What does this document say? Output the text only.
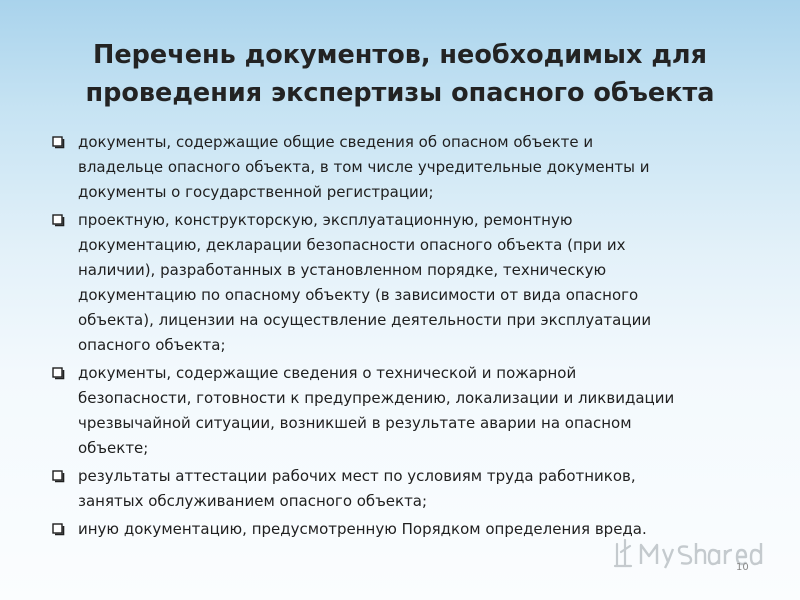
Перечень документов, необходимых для
проведения экспертизы опасного объекта
документы, содержащие общие сведения об опасном объекте и
владельце опасного объекта, в том числе учредительные документы и
документы о государственной регистрации;
проектную, конструкторскую, эксплуатационную, ремонтную
документацию, декларации безопасности опасного объекта (при их
наличии), разработанных в установленном порядке, техническую
документацию по опасному объекту (в зависимости от вида опасного
объекта), лицензии на осуществление деятельности при эксплуатации
опасного объекта;
документы, содержащие сведения о технической и пожарной
безопасности, готовности к предупреждению, локализации и ликвидации
чрезвычайной ситуации, возникшей в результате аварии на опасном
объекте;
результаты аттестации рабочих мест по условиям труда работников,
занятых обслуживанием опасного объекта;
иную документацию, предусмотренную Порядком определения вреда.
10
